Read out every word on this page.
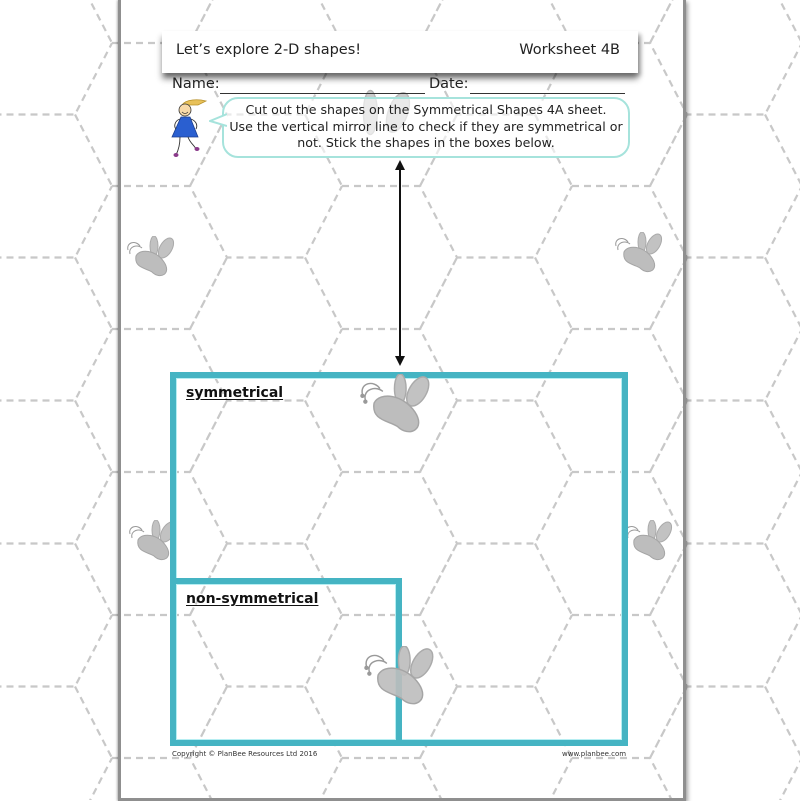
Let’s explore 2-D shapes!	Worksheet 4B
Name:	Date:
Cut out the shapes on the Symmetrical Shapes 4A sheet.
Use the vertical mirror line to check if they are symmetrical or
not. Stick the shapes in the boxes below.
symmetrical
non-symmetrical
Copyright © PlanBee Resources Ltd 2016	www.planbee.com
